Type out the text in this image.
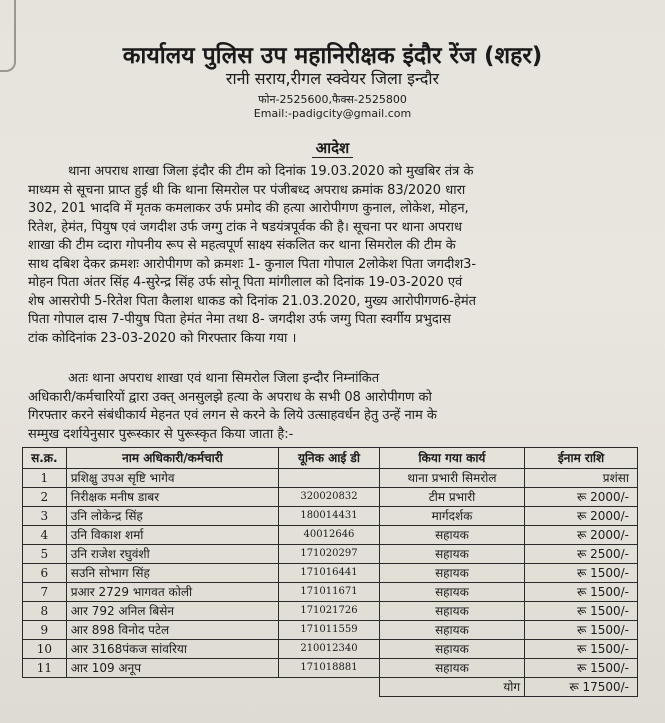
कार्यालय पुलिस उप महानिरीक्षक इंदौर रेंज (शहर)
रानी सराय,रीगल स्क्वेयर जिला इन्दौर
फोन-2525600,फैक्स-2525800
Email:-padigcity@gmail.com
आदेश
थाना अपराध शाखा जिला इंदौर की टीम को दिनांक 19.03.2020 को मुखबिर तंत्र के
माध्यम से सूचना प्राप्त हुई थी कि थाना सिमरोल पर पंजीबध्द अपराध क्रमांक 83/2020 धारा
302, 201 भादवि में मृतक कमलाकर उर्फ प्रमोद की हत्या आरोपीगण कुनाल, लोकेश, मोहन,
रितेश, हेमंत, पियुष एवं जगदीश उर्फ जग्गु टांक ने षडयंत्रपूर्वक की है। सूचना पर थाना अपराध
शाखा की टीम व्दारा गोपनीय रूप से महत्वपूर्ण साक्ष्य संकलित कर थाना सिमरोल की टीम के
साथ दबिश देकर क्रमशः आरोपीगण को क्रमशः 1- कुनाल पिता गोपाल 2लोकेश पिता जगदीश3-
मोहन पिता अंतर सिंह 4-सुरेन्द्र सिंह उर्फ सोनू पिता मांगीलाल को दिनांक 19-03-2020 एवं
शेष आसरोपी 5-रितेश पिता कैलाश धाकड को दिनांक 21.03.2020, मुख्य आरोपीगण6-हेमंत
पिता गोपाल दास 7-पीयुष पिता हेमंत नेमा तथा 8- जगदीश उर्फ जग्गु पिता स्वर्गीय प्रभुदास
टांक कोदिनांक 23-03-2020 को गिरफ्तार किया गया ।
अतः थाना अपराध शाखा एवं थाना सिमरोल जिला इन्दौर निम्नांकित
अधिकारी/कर्मचारियों द्वारा उक्त् अनसुलझे हत्या के अपराध के सभी 08 आरोपीगण को
गिरफ्तार करने संबंधीकार्य मेहनत एवं लगन से करने के लिये उत्साहवर्धन हेतु उन्हें नाम के
सम्मुख दर्शायेनुसार पुरूस्कार से पुरूस्कृत किया जाता है:-
स.क्र.	नाम अधिकारी/कर्मचारी	यूनिक आई डी	किया गया कार्य	ईनाम राशि
1	प्रशिक्षु उपअ सृष्टि भागेव		थाना प्रभारी सिमरोल	प्रशंसा
2	निरीक्षक मनीष डाबर	320020832	टीम प्रभारी	रू 2000/-
3	उनि लोकेन्द्र सिंह	180014431	मार्गदर्शक	रू 2000/-
4	उनि विकाश शर्मा	40012646	सहायक	रू 2000/-
5	उनि राजेश रघुवंशी	171020297	सहायक	रू 2500/-
6	सउनि सोभाग सिंह	171016441	सहायक	रू 1500/-
7	प्रआर 2729 भागवत कोली	171011671	सहायक	रू 1500/-
8	आर 792 अनिल बिसेन	171021726	सहायक	रू 1500/-
9	आर 898 विनोद पटेल	171011559	सहायक	रू 1500/-
10	आर 3168पंकज सांवरिया	210012340	सहायक	रू 1500/-
11	आर 109 अनूप	171018881	सहायक	रू 1500/-
			योग	रू 17500/-
